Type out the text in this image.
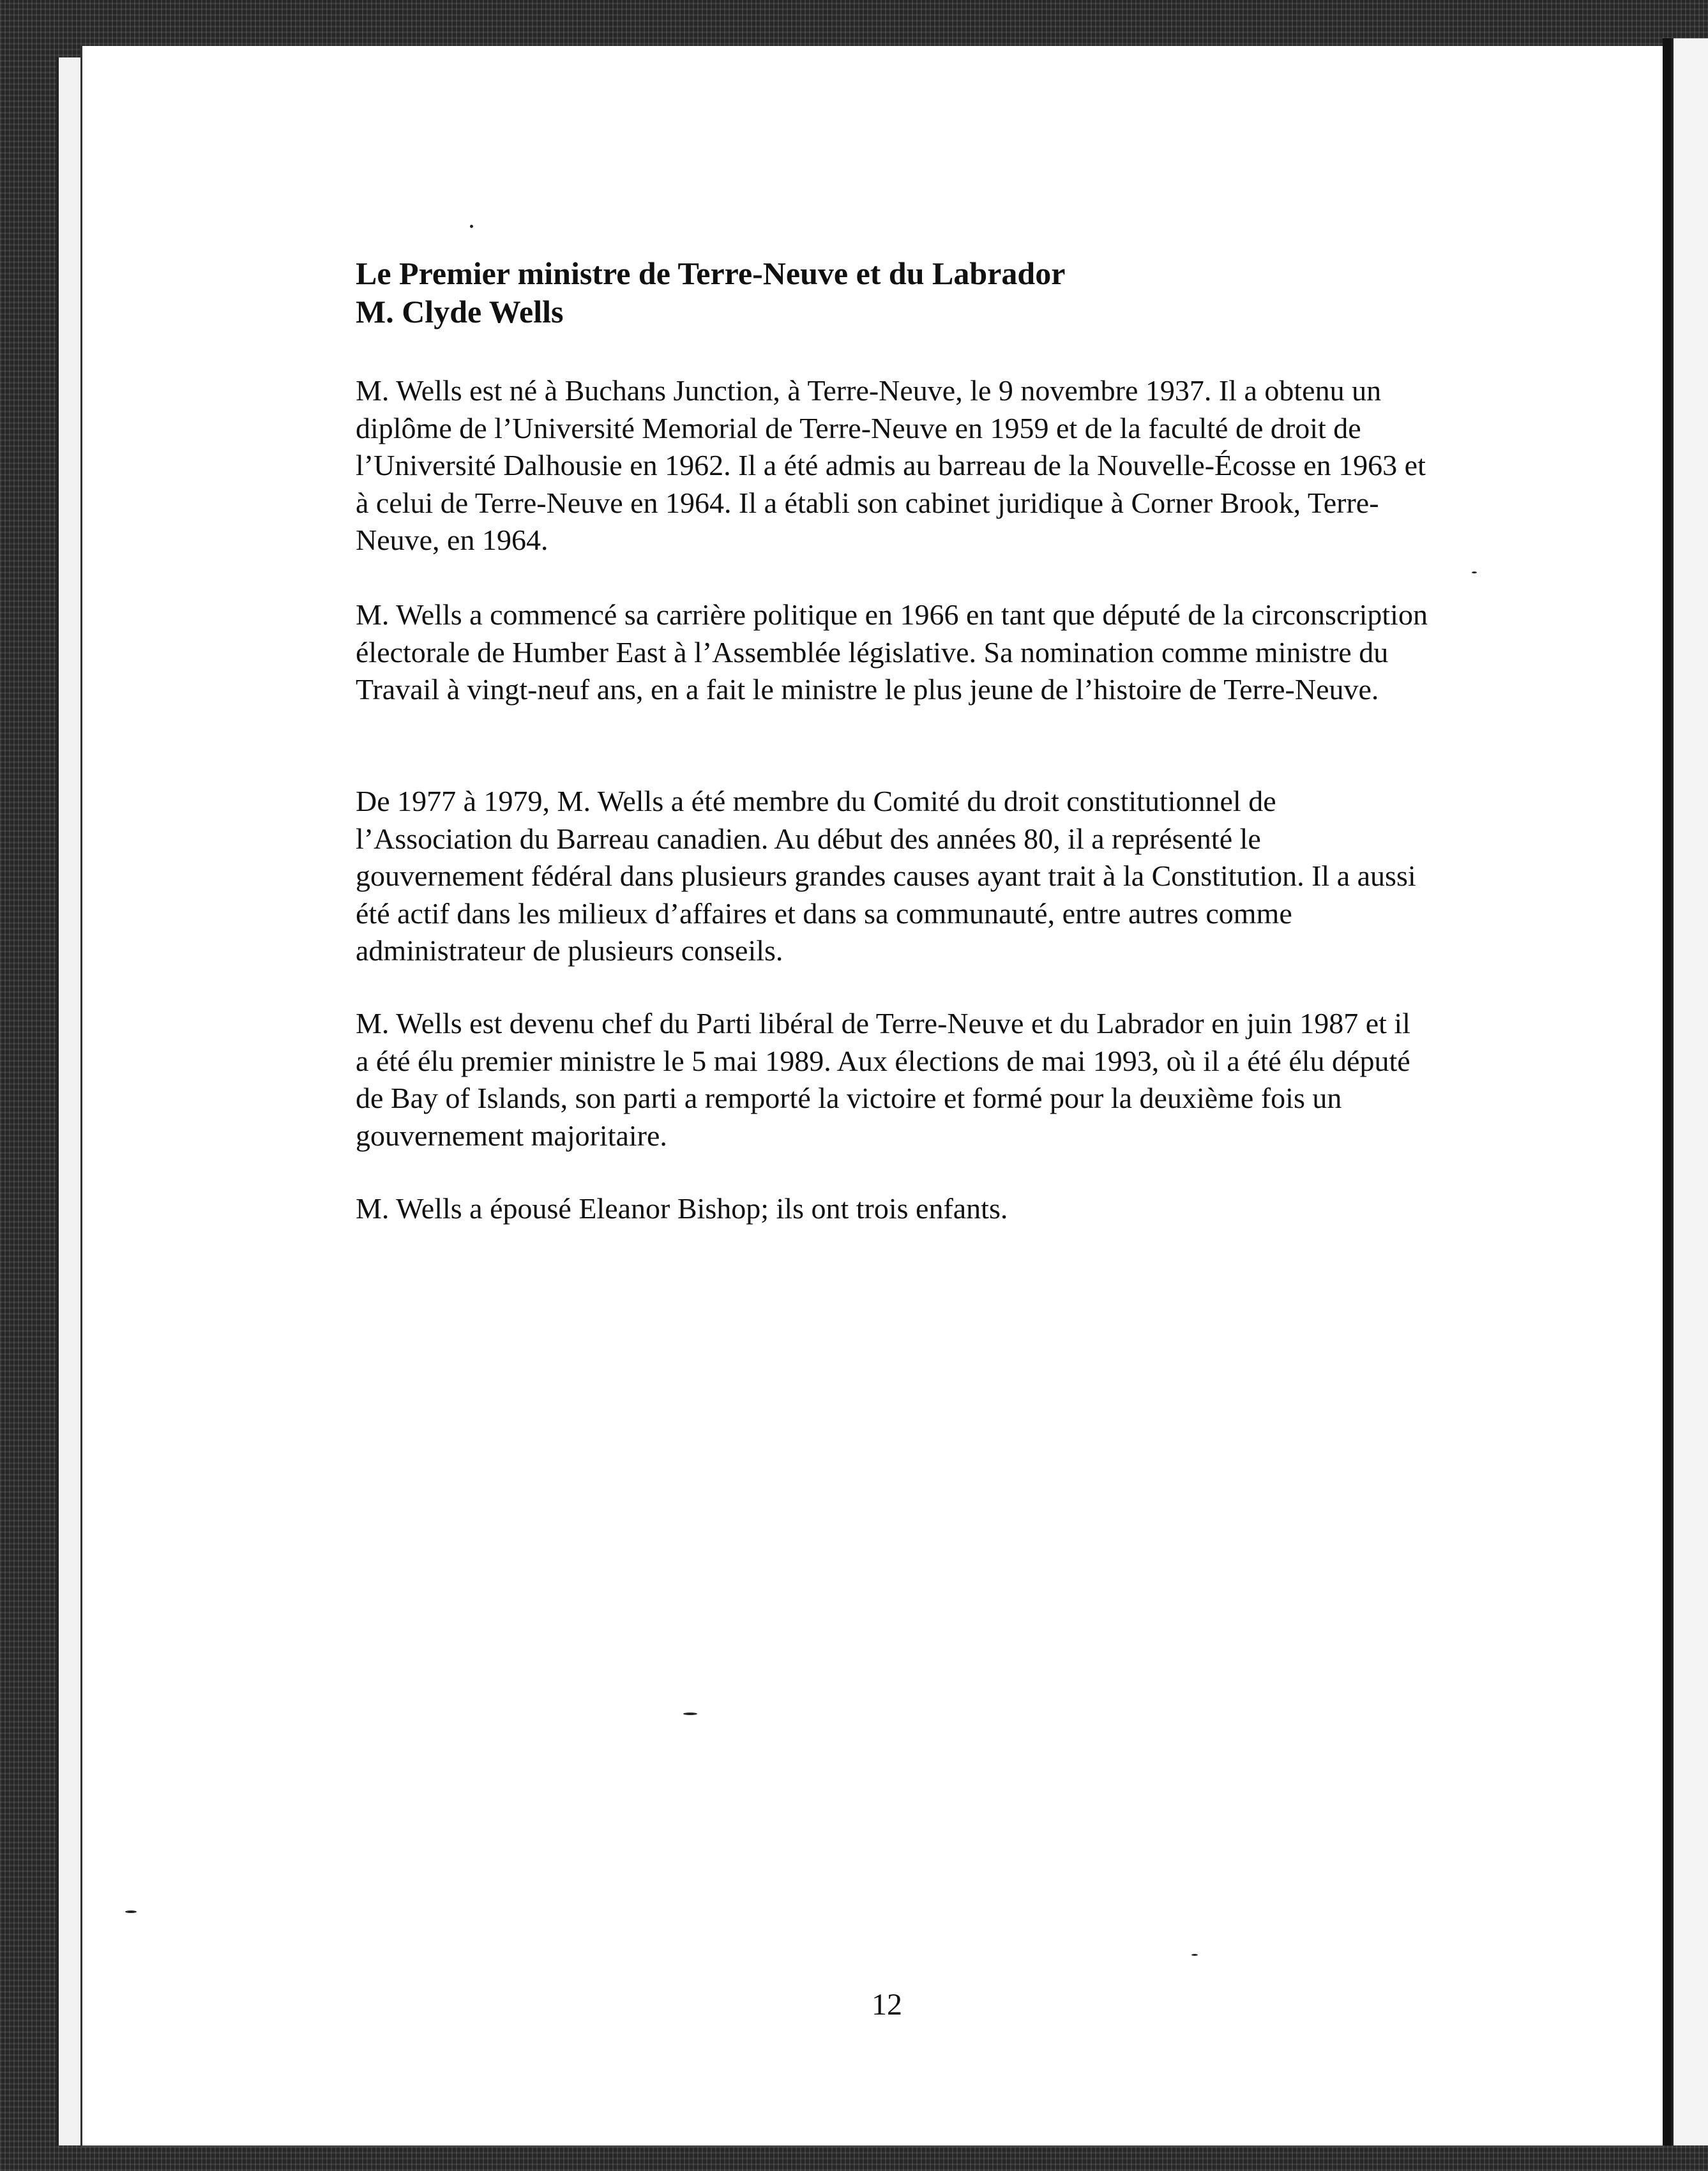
Le Premier ministre de Terre-Neuve et du Labrador
M. Clyde Wells

M. Wells est né à Buchans Junction, à Terre-Neuve, le 9 novembre 1937. Il a obtenu un diplôme de l’Université Memorial de Terre-Neuve en 1959 et de la faculté de droit de l’Université Dalhousie en 1962. Il a été admis au barreau de la Nouvelle-Écosse en 1963 et à celui de Terre-Neuve en 1964. Il a établi son cabinet juridique à Corner Brook, Terre-Neuve, en 1964.

M. Wells a commencé sa carrière politique en 1966 en tant que député de la circonscription électorale de Humber East à l’Assemblée législative. Sa nomination comme ministre du Travail à vingt-neuf ans, en a fait le ministre le plus jeune de l’histoire de Terre-Neuve.

De 1977 à 1979, M. Wells a été membre du Comité du droit constitutionnel de l’Association du Barreau canadien. Au début des années 80, il a représenté le gouvernement fédéral dans plusieurs grandes causes ayant trait à la Constitution. Il a aussi été actif dans les milieux d’affaires et dans sa communauté, entre autres comme administrateur de plusieurs conseils.

M. Wells est devenu chef du Parti libéral de Terre-Neuve et du Labrador en juin 1987 et il a été élu premier ministre le 5 mai 1989. Aux élections de mai 1993, où il a été élu député de Bay of Islands, son parti a remporté la victoire et formé pour la deuxième fois un gouvernement majoritaire.

M. Wells a épousé Eleanor Bishop; ils ont trois enfants.

12
